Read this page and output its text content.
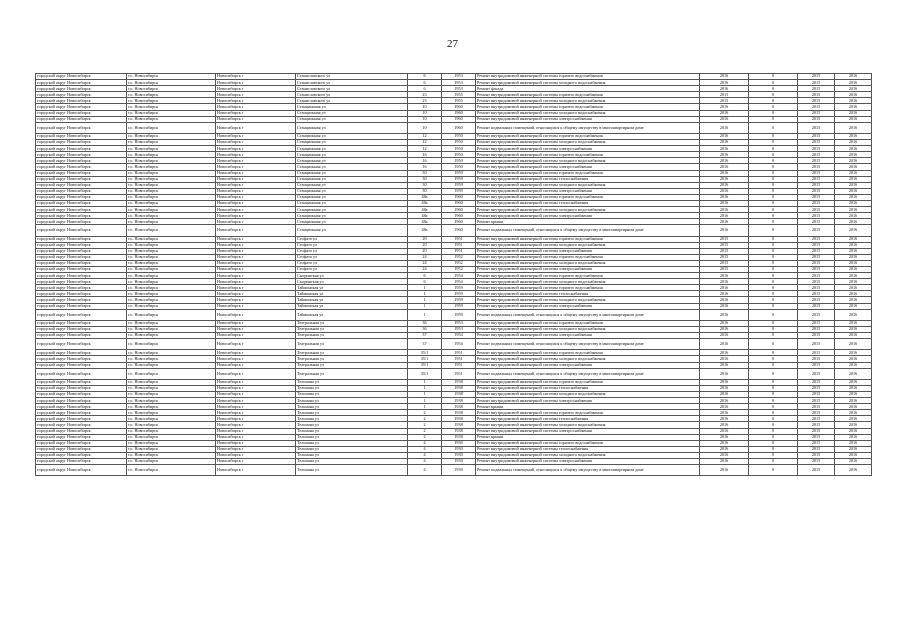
27
городской округ Новосибирск	г.о. Новосибирск	Новосибирск г	Станиславского ул	6	1953	Ремонт внутридомовой инженерной системы горячего водоснабжения	2016	0	2015	2016
городской округ Новосибирск	г.о. Новосибирск	Новосибирск г	Станиславского ул	6	1953	Ремонт внутридомовой инженерной системы холодного водоснабжения	2016	0	2015	2016
городской округ Новосибирск	г.о. Новосибирск	Новосибирск г	Станиславского ул	6	1953	Ремонт фасада	2016	0	2015	2016
городской округ Новосибирск	г.о. Новосибирск	Новосибирск г	Станиславского ул	23	1955	Ремонт внутридомовой инженерной системы горячего водоснабжения	2015	0	2015	2016
городской округ Новосибирск	г.о. Новосибирск	Новосибирск г	Станиславского ул	23	1955	Ремонт внутридомовой инженерной системы холодного водоснабжения	2015	0	2015	2016
городской округ Новосибирск	г.о. Новосибирск	Новосибирск г	Станционная ул	10	1960	Ремонт внутридомовой инженерной системы горячего водоснабжения	2016	0	2015	2016
городской округ Новосибирск	г.о. Новосибирск	Новосибирск г	Станционная ул	10	1960	Ремонт внутридомовой инженерной системы холодного водоснабжения	2016	0	2015	2016
городской округ Новосибирск	г.о. Новосибирск	Новосибирск г	Станционная ул	10	1960	Ремонт внутридомовой инженерной системы электроснабжения	2016	0	2015	2016
городской округ Новосибирск	г.о. Новосибирск	Новосибирск г	Станционная ул	10	1960	Ремонт подвальных помещений, относящихся к общему имуществу в многоквартирном доме	2016	0	2015	2016
городской округ Новосибирск	г.о. Новосибирск	Новосибирск г	Станционная ул	12	1950	Ремонт внутридомовой инженерной системы горячего водоснабжения	2016	0	2015	2016
городской округ Новосибирск	г.о. Новосибирск	Новосибирск г	Станционная ул	12	1950	Ремонт внутридомовой инженерной системы холодного водоснабжения	2016	0	2015	2016
городской округ Новосибирск	г.о. Новосибирск	Новосибирск г	Станционная ул	12	1950	Ремонт внутридомовой инженерной системы электроснабжения	2016	0	2015	2016
городской округ Новосибирск	г.о. Новосибирск	Новосибирск г	Станционная ул	16	1950	Ремонт внутридомовой инженерной системы горячего водоснабжения	2016	0	2015	2016
городской округ Новосибирск	г.о. Новосибирск	Новосибирск г	Станционная ул	16	1950	Ремонт внутридомовой инженерной системы холодного водоснабжения	2016	0	2015	2016
городской округ Новосибирск	г.о. Новосибирск	Новосибирск г	Станционная ул	16	1950	Ремонт внутридомовой инженерной системы электроснабжения	2016	0	2015	2016
городской округ Новосибирск	г.о. Новосибирск	Новосибирск г	Станционная ул	30	1959	Ремонт внутридомовой инженерной системы горячего водоснабжения	2016	0	2015	2016
городской округ Новосибирск	г.о. Новосибирск	Новосибирск г	Станционная ул	30	1959	Ремонт внутридомовой инженерной системы теплоснабжения	2016	0	2015	2016
городской округ Новосибирск	г.о. Новосибирск	Новосибирск г	Станционная ул	30	1959	Ремонт внутридомовой инженерной системы холодного водоснабжения	2016	0	2015	2016
городской округ Новосибирск	г.о. Новосибирск	Новосибирск г	Станционная ул	30	1959	Ремонт внутридомовой инженерной системы электроснабжения	2016	0	2015	2016
городской округ Новосибирск	г.о. Новосибирск	Новосибирск г	Станционная ул	48а	1960	Ремонт внутридомовой инженерной системы горячего водоснабжения	2016	0	2015	2016
городской округ Новосибирск	г.о. Новосибирск	Новосибирск г	Станционная ул	48а	1960	Ремонт внутридомовой инженерной системы теплоснабжения	2016	0	2015	2016
городской округ Новосибирск	г.о. Новосибирск	Новосибирск г	Станционная ул	48а	1960	Ремонт внутридомовой инженерной системы холодного водоснабжения	2016	0	2015	2016
городской округ Новосибирск	г.о. Новосибирск	Новосибирск г	Станционная ул	48а	1960	Ремонт внутридомовой инженерной системы электроснабжения	2016	0	2015	2016
городской округ Новосибирск	г.о. Новосибирск	Новосибирск г	Станционная ул	48а	1960	Ремонт крыши	2016	0	2015	2016
городской округ Новосибирск	г.о. Новосибирск	Новосибирск г	Станционная ул	48а	1960	Ремонт подвальных помещений, относящихся к общему имуществу в многоквартирном доме	2016	0	2015	2016
городской округ Новосибирск	г.о. Новосибирск	Новосибирск г	Стофато ул	20	1951	Ремонт внутридомовой инженерной системы горячего водоснабжения	2015	0	2015	2016
городской округ Новосибирск	г.о. Новосибирск	Новосибирск г	Стофато ул	20	1951	Ремонт внутридомовой инженерной системы холодного водоснабжения	2015	0	2015	2016
городской округ Новосибирск	г.о. Новосибирск	Новосибирск г	Стофато ул	20	1951	Ремонт внутридомовой инженерной системы электроснабжения	2015	0	2015	2016
городской округ Новосибирск	г.о. Новосибирск	Новосибирск г	Стофато ул	24	1952	Ремонт внутридомовой инженерной системы горячего водоснабжения	2015	0	2015	2016
городской округ Новосибирск	г.о. Новосибирск	Новосибирск г	Стофато ул	24	1952	Ремонт внутридомовой инженерной системы холодного водоснабжения	2015	0	2015	2016
городской округ Новосибирск	г.о. Новосибирск	Новосибирск г	Стофато ул	24	1952	Ремонт внутридомовой инженерной системы электроснабжения	2015	0	2015	2016
городской округ Новосибирск	г.о. Новосибирск	Новосибирск г	Сыгринская ул	6	1954	Ремонт внутридомовой инженерной системы горячего водоснабжения	2016	0	2015	2016
городской округ Новосибирск	г.о. Новосибирск	Новосибирск г	Сыгринская ул	6	1954	Ремонт внутридомовой инженерной системы холодного водоснабжения	2016	0	2015	2016
городской округ Новосибирск	г.о. Новосибирск	Новосибирск г	Тайминская ул	1	1959	Ремонт внутридомовой инженерной системы горячего водоснабжения	2016	0	2015	2016
городской округ Новосибирск	г.о. Новосибирск	Новосибирск г	Тайминская ул	1	1959	Ремонт внутридомовой инженерной системы теплоснабжения	2016	0	2015	2016
городской округ Новосибирск	г.о. Новосибирск	Новосибирск г	Тайминская ул	1	1959	Ремонт внутридомовой инженерной системы холодного водоснабжения	2016	0	2015	2016
городской округ Новосибирск	г.о. Новосибирск	Новосибирск г	Тайминская ул	1	1959	Ремонт внутридомовой инженерной системы электроснабжения	2016	0	2015	2016
городской округ Новосибирск	г.о. Новосибирск	Новосибирск г	Тайминская ул	1	1959	Ремонт подвальных помещений, относящихся к общему имуществу в многоквартирном доме	2016	0	2015	2016
городской округ Новосибирск	г.о. Новосибирск	Новосибирск г	Театральная ул	36	1953	Ремонт внутридомовой инженерной системы горячего водоснабжения	2016	0	2015	2016
городской округ Новосибирск	г.о. Новосибирск	Новосибирск г	Театральная ул	36	1953	Ремонт внутридомовой инженерной системы холодного водоснабжения	2016	0	2015	2016
городской округ Новосибирск	г.о. Новосибирск	Новосибирск г	Театральная ул	37	1954	Ремонт внутридомовой инженерной системы электроснабжения	2016	0	2015	2016
городской округ Новосибирск	г.о. Новосибирск	Новосибирск г	Театральная ул	37	1954	Ремонт подвальных помещений, относящихся к общему имуществу в многоквартирном доме	2016	0	2015	2016
городской округ Новосибирск	г.о. Новосибирск	Новосибирск г	Театральная ул	35/1	1951	Ремонт внутридомовой инженерной системы горячего водоснабжения	2016	0	2015	2016
городской округ Новосибирск	г.о. Новосибирск	Новосибирск г	Театральная ул	35/1	1951	Ремонт внутридомовой инженерной системы холодного водоснабжения	2016	0	2015	2016
городской округ Новосибирск	г.о. Новосибирск	Новосибирск г	Театральная ул	35/1	1951	Ремонт внутридомовой инженерной системы электроснабжения	2016	0	2015	2016
городской округ Новосибирск	г.о. Новосибирск	Новосибирск г	Театральная ул	35/1	1951	Ремонт подвальных помещений, относящихся к общему имуществу в многоквартирном доме	2016	0	2015	2016
городской округ Новосибирск	г.о. Новосибирск	Новосибирск г	Тельмана ул	1	1938	Ремонт внутридомовой инженерной системы горячего водоснабжения	2016	0	2015	2016
городской округ Новосибирск	г.о. Новосибирск	Новосибирск г	Тельмана ул	1	1938	Ремонт внутридомовой инженерной системы теплоснабжения	2016	0	2015	2016
городской округ Новосибирск	г.о. Новосибирск	Новосибирск г	Тельмана ул	1	1938	Ремонт внутридомовой инженерной системы холодного водоснабжения	2016	0	2015	2016
городской округ Новосибирск	г.о. Новосибирск	Новосибирск г	Тельмана ул	1	1938	Ремонт внутридомовой инженерной системы электроснабжения	2016	0	2015	2016
городской округ Новосибирск	г.о. Новосибирск	Новосибирск г	Тельмана ул	1	1938	Ремонт крыши	2016	0	2015	2016
городской округ Новосибирск	г.о. Новосибирск	Новосибирск г	Тельмана ул	2	1938	Ремонт внутридомовой инженерной системы горячего водоснабжения	2016	0	2015	2016
городской округ Новосибирск	г.о. Новосибирск	Новосибирск г	Тельмана ул	2	1938	Ремонт внутридомовой инженерной системы теплоснабжения	2016	0	2015	2016
городской округ Новосибирск	г.о. Новосибирск	Новосибирск г	Тельмана ул	2	1938	Ремонт внутридомовой инженерной системы холодного водоснабжения	2016	0	2015	2016
городской округ Новосибирск	г.о. Новосибирск	Новосибирск г	Тельмана ул	2	1938	Ремонт внутридомовой инженерной системы электроснабжения	2016	0	2015	2016
городской округ Новосибирск	г.о. Новосибирск	Новосибирск г	Тельмана ул	2	1938	Ремонт крыши	2016	0	2015	2016
городской округ Новосибирск	г.о. Новосибирск	Новосибирск г	Тельмана ул	4	1930	Ремонт внутридомовой инженерной системы горячего водоснабжения	2016	0	2015	2016
городской округ Новосибирск	г.о. Новосибирск	Новосибирск г	Тельмана ул	4	1930	Ремонт внутридомовой инженерной системы теплоснабжения	2016	0	2015	2016
городской округ Новосибирск	г.о. Новосибирск	Новосибирск г	Тельмана ул	4	1930	Ремонт внутридомовой инженерной системы холодного водоснабжения	2016	0	2015	2016
городской округ Новосибирск	г.о. Новосибирск	Новосибирск г	Тельмана ул	4	1930	Ремонт внутридомовой инженерной системы электроснабжения	2016	0	2015	2016
городской округ Новосибирск	г.о. Новосибирск	Новосибирск г	Тельмана ул	4	1930	Ремонт подвальных помещений, относящихся к общему имуществу в многоквартирном доме	2016	0	2015	2016
